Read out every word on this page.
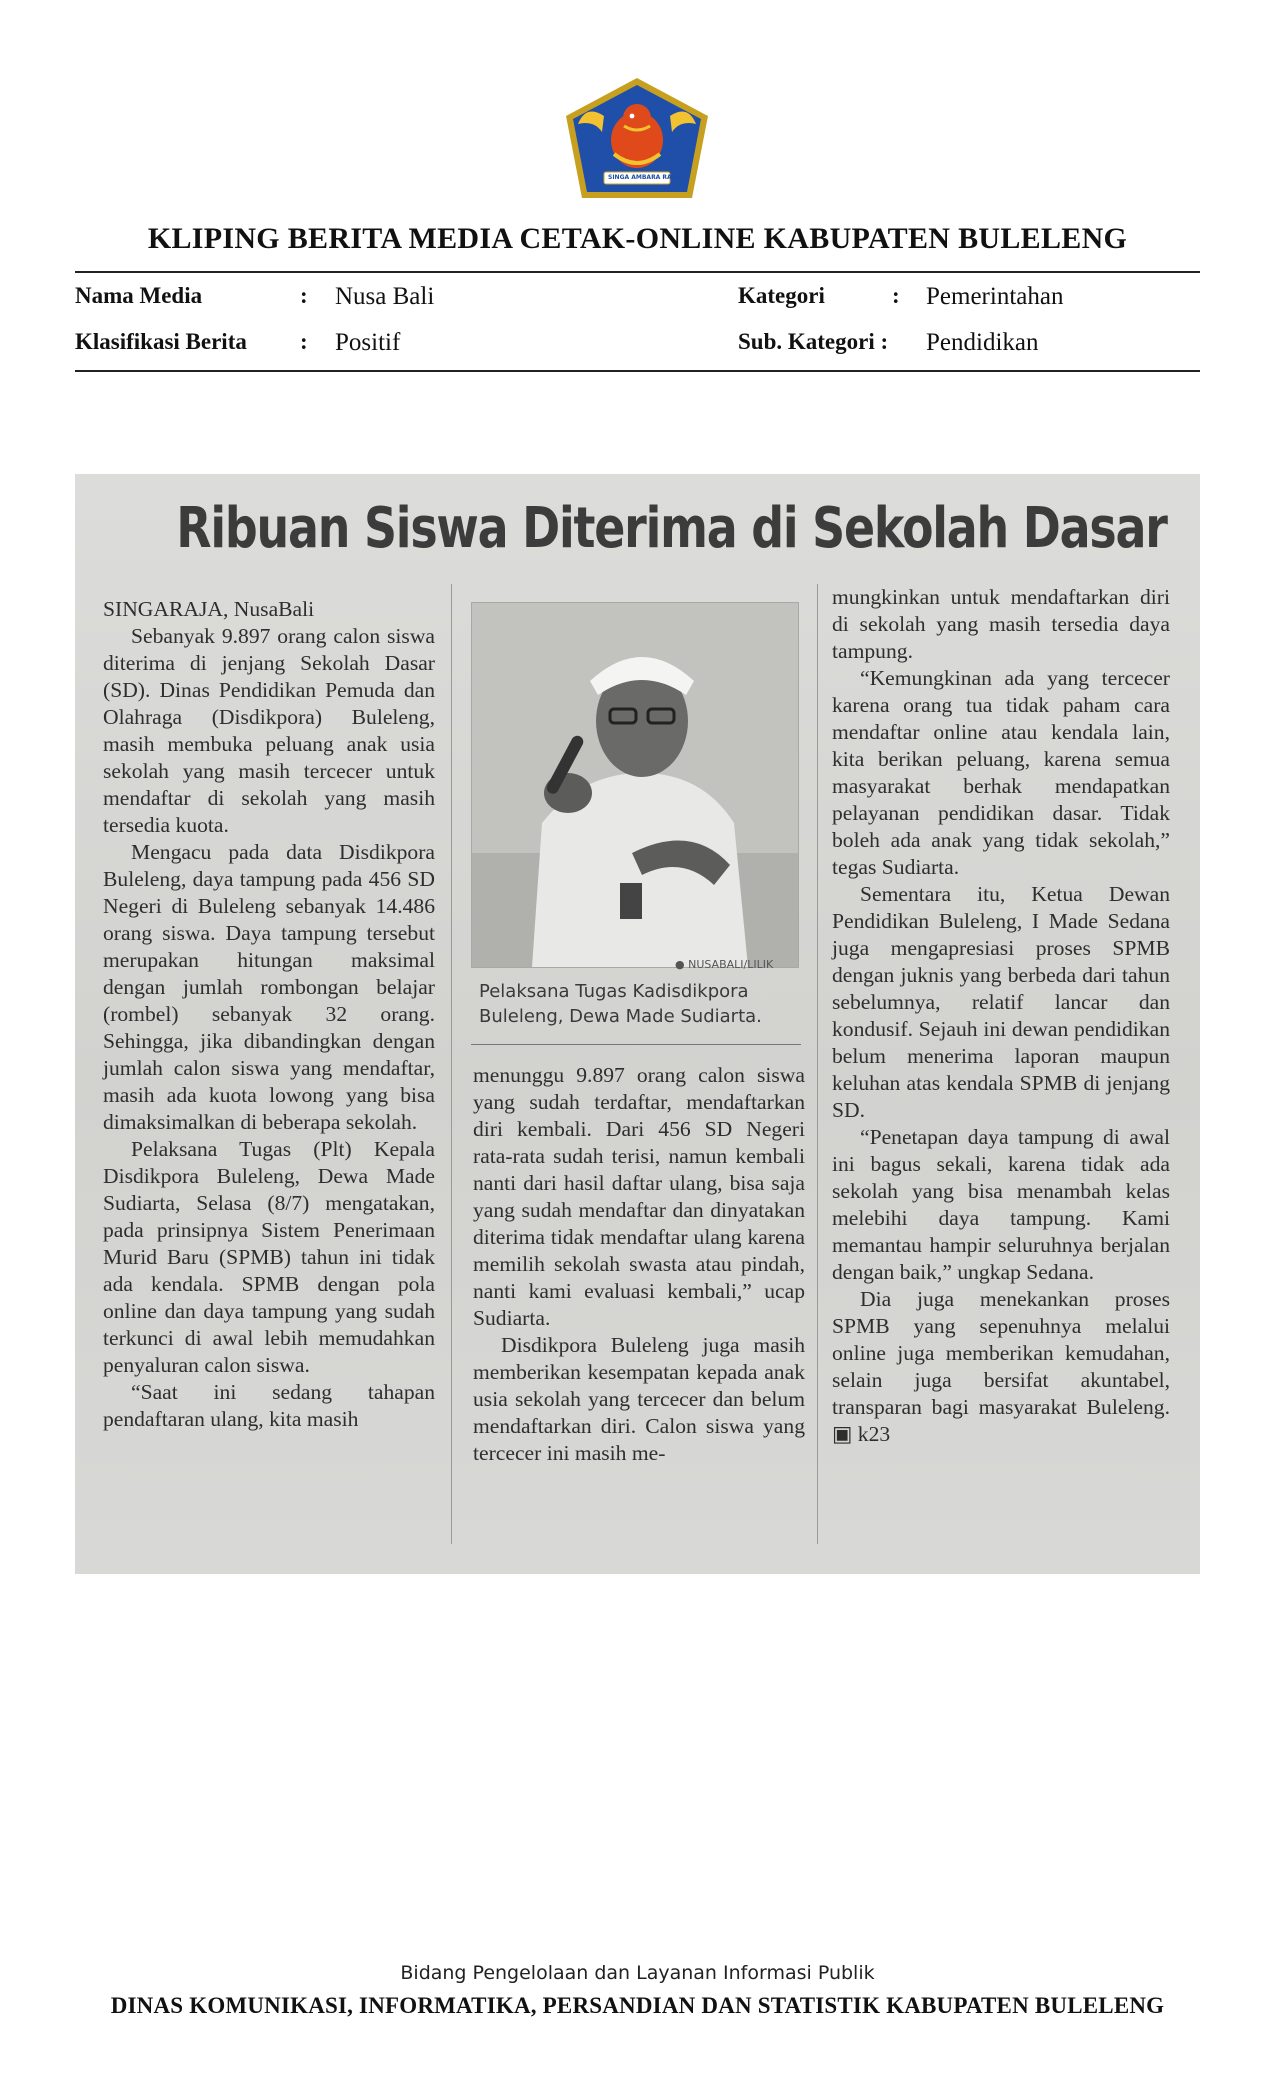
SINGA AMBARA RAJA
KLIPING BERITA MEDIA CETAK-ONLINE KABUPATEN BULELENG
Nama Media	: Nusa Bali
Klasifikasi Berita : Positif
Kategori	: Pemerintahan
Sub. Kategori : Pendidikan
Ribuan Siswa Diterima di Sekolah Dasar

SINGARAJA, NusaBali

Sebanyak 9.897 orang calon siswa diterima di jenjang Sekolah Dasar (SD). Dinas Pendidikan Pemuda dan Olahraga (Disdikpora) Buleleng, masih membuka peluang anak usia sekolah yang masih tercecer untuk mendaftar di sekolah yang masih tersedia kuota.

Mengacu pada data Disdikpora Buleleng, daya tampung pada 456 SD Negeri di Buleleng sebanyak 14.486 orang siswa. Daya tampung tersebut merupakan hitungan maksimal dengan jumlah rombongan belajar (rombel) sebanyak 32 orang. Sehingga, jika dibandingkan dengan jumlah calon siswa yang mendaftar, masih ada kuota lowong yang bisa dimaksimalkan di beberapa sekolah.

Pelaksana Tugas (Plt) Kepala Disdikpora Buleleng, Dewa Made Sudiarta, Selasa (8/7) mengatakan, pada prinsipnya Sistem Penerimaan Murid Baru (SPMB) tahun ini tidak ada kendala. SPMB dengan pola online dan daya tampung yang sudah terkunci di awal lebih memudahkan penyaluran calon siswa.

“Saat ini sedang tahapan pendaftaran ulang, kita masih

● NUSABALI/LILIK
Pelaksana Tugas Kadisdikpora Buleleng, Dewa Made Sudiarta.

menunggu 9.897 orang calon siswa yang sudah terdaftar, mendaftarkan diri kembali. Dari 456 SD Negeri rata-rata sudah terisi, namun kembali nanti dari hasil daftar ulang, bisa saja yang sudah mendaftar dan dinyatakan diterima tidak mendaftar ulang karena memilih sekolah swasta atau pindah, nanti kami evaluasi kembali,” ucap Sudiarta.

Disdikpora Buleleng juga masih memberikan kesempatan kepada anak usia sekolah yang tercecer dan belum mendaftarkan diri. Calon siswa yang tercecer ini masih me-

mungkinkan untuk mendaftarkan diri di sekolah yang masih tersedia daya tampung.

“Kemungkinan ada yang tercecer karena orang tua tidak paham cara mendaftar online atau kendala lain, kita berikan peluang, karena semua masyarakat berhak mendapatkan pelayanan pendidikan dasar. Tidak boleh ada anak yang tidak sekolah,” tegas Sudiarta.

Sementara itu, Ketua Dewan Pendidikan Buleleng, I Made Sedana juga mengapresiasi proses SPMB dengan juknis yang berbeda dari tahun sebelumnya, relatif lancar dan kondusif. Sejauh ini dewan pendidikan belum menerima laporan maupun keluhan atas kendala SPMB di jenjang SD.

“Penetapan daya tampung di awal ini bagus sekali, karena tidak ada sekolah yang bisa menambah kelas melebihi daya tampung. Kami memantau hampir seluruhnya berjalan dengan baik,” ungkap Sedana.

Dia juga menekankan proses SPMB yang sepenuhnya melalui online juga memberikan kemudahan, selain juga bersifat akuntabel, transparan bagi masyarakat Buleleng. ▣ k23

Bidang Pengelolaan dan Layanan Informasi Publik
DINAS KOMUNIKASI, INFORMATIKA, PERSANDIAN DAN STATISTIK KABUPATEN BULELENG
